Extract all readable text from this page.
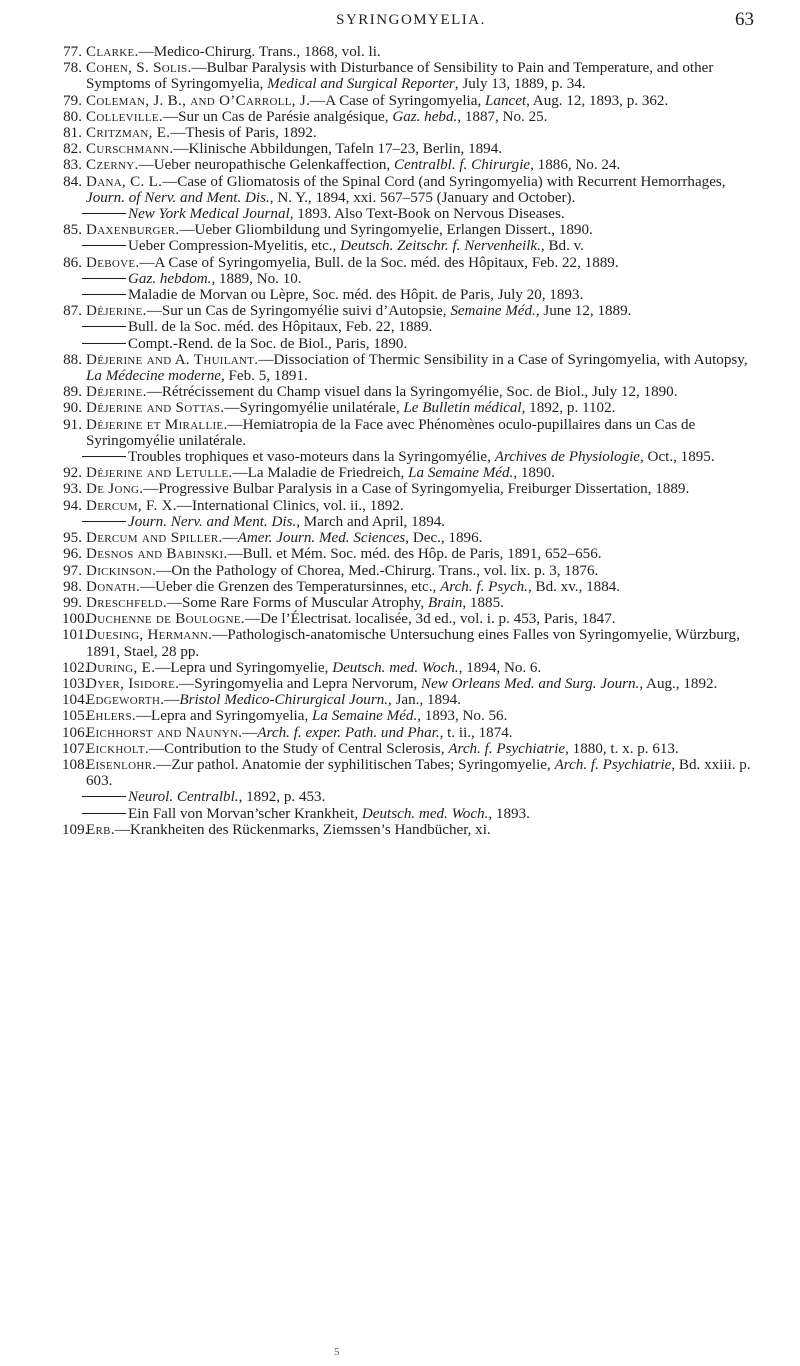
SYRINGOMYELIA.	63
77. Clarke.—Medico-Chirurg. Trans., 1868, vol. li.
78. Cohen, S. Solis.—Bulbar Paralysis with Disturbance of Sensibility to Pain and Temperature, and other Symptoms of Syringomyelia, Medical and Surgical Reporter, July 13, 1889, p. 34.
79. Coleman, J. B., and O’Carroll, J.—A Case of Syringomyelia, Lancet, Aug. 12, 1893, p. 362.
80. Colleville.—Sur un Cas de Parésie analgésique, Gaz. hebd., 1887, No. 25.
81. Critzman, E.—Thesis of Paris, 1892.
82. Curschmann.—Klinische Abbildungen, Tafeln 17–23, Berlin, 1894.
83. Czerny.—Ueber neuropathische Gelenkaffection, Centralbl. f. Chirurgie, 1886, No. 24.
84. Dana, C. L.—Case of Gliomatosis of the Spinal Cord (and Syringomyelia) with Recurrent Hemorrhages, Journ. of Nerv. and Ment. Dis., N. Y., 1894, xxi. 567–575 (January and October).
New York Medical Journal, 1893. Also Text-Book on Nervous Diseases.
85. Daxenburger.—Ueber Gliombildung und Syringomyelie, Erlangen Dissert., 1890.
Ueber Compression-Myelitis, etc., Deutsch. Zeitschr. f. Nervenheilk., Bd. v.
86. Debove.—A Case of Syringomyelia, Bull. de la Soc. méd. des Hôpitaux, Feb. 22, 1889.
Gaz. hebdom., 1889, No. 10.
Maladie de Morvan ou Lèpre, Soc. méd. des Hôpit. de Paris, July 20, 1893.
87. Déjerine.—Sur un Cas de Syringomyélie suivi d’Autopsie, Semaine Méd., June 12, 1889.
Bull. de la Soc. méd. des Hôpitaux, Feb. 22, 1889.
Compt.-Rend. de la Soc. de Biol., Paris, 1890.
88. Déjerine and A. Thuilant.—Dissociation of Thermic Sensibility in a Case of Syringomyelia, with Autopsy, La Médecine moderne, Feb. 5, 1891.
89. Déjerine.—Rétrécissement du Champ visuel dans la Syringomyélie, Soc. de Biol., July 12, 1890.
90. Déjerine and Sottas.—Syringomyélie unilatérale, Le Bulletin médical, 1892, p. 1102.
91. Déjerine et Mirallie.—Hemiatropia de la Face avec Phénomènes oculo-pupillaires dans un Cas de Syringomyélie unilatérale.
Troubles trophiques et vaso-moteurs dans la Syringomyélie, Archives de Physiologie, Oct., 1895.
92. Déjerine and Letulle.—La Maladie de Friedreich, La Semaine Méd., 1890.
93. De Jong.—Progressive Bulbar Paralysis in a Case of Syringomyelia, Freiburger Dissertation, 1889.
94. Dercum, F. X.—International Clinics, vol. ii., 1892.
Journ. Nerv. and Ment. Dis., March and April, 1894.
95. Dercum and Spiller.—Amer. Journ. Med. Sciences, Dec., 1896.
96. Desnos and Babinski.—Bull. et Mém. Soc. méd. des Hôp. de Paris, 1891, 652–656.
97. Dickinson.—On the Pathology of Chorea, Med.-Chirurg. Trans., vol. lix. p. 3, 1876.
98. Donath.—Ueber die Grenzen des Temperatursinnes, etc., Arch. f. Psych., Bd. xv., 1884.
99. Dreschfeld.—Some Rare Forms of Muscular Atrophy, Brain, 1885.
100.
Duchenne de Boulogne.—De l’Électrisat. localisée, 3d ed., vol. i. p. 453, Paris, 1847.
101.
Duesing, Hermann.—Pathologisch-anatomische Untersuchung eines Falles von Syringomyelie, Würzburg, 1891, Stael, 28 pp.
102.
During, E.—Lepra und Syringomyelie, Deutsch. med. Woch., 1894, No. 6.
103.
Dyer, Isidore.—Syringomyelia and Lepra Nervorum, New Orleans Med. and Surg. Journ., Aug., 1892.
104.
Edgeworth.—Bristol Medico-Chirurgical Journ., Jan., 1894.
105.
Ehlers.—Lepra and Syringomyelia, La Semaine Méd., 1893, No. 56.
106.
Eichhorst and Naunyn.—Arch. f. exper. Path. und Phar., t. ii., 1874.
107.
Eickholt.—Contribution to the Study of Central Sclerosis, Arch. f. Psychiatrie, 1880, t. x. p. 613.
108.
Eisenlohr.—Zur pathol. Anatomie der syphilitischen Tabes; Syringomyelie, Arch. f. Psychiatrie, Bd. xxiii. p. 603.
Neurol. Centralbl., 1892, p. 453.
Ein Fall von Morvan’scher Krankheit, Deutsch. med. Woch., 1893.
109.
Erb.—Krankheiten des Rückenmarks, Ziemssen’s Handbücher, xi.
5
